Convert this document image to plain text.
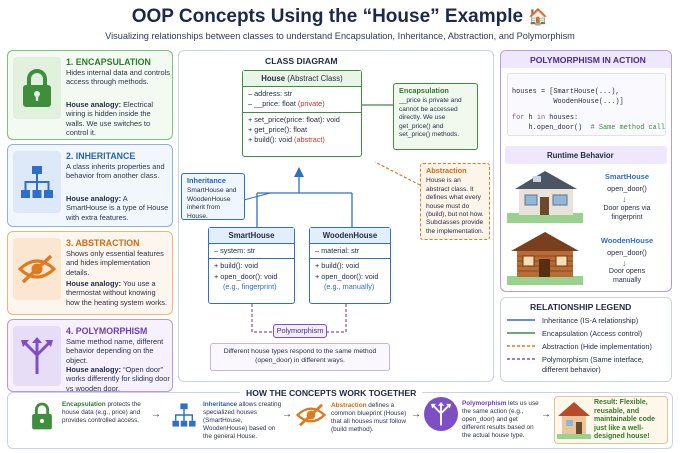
OOP Concepts Using the “House” Example 🏠
Visualizing relationships between classes to understand Encapsulation, Inheritance, Abstraction, and Polymorphism
1. ENCAPSULATION
Hides internal data and controls access through methods.
House analogy: Electrical wiring is hidden inside the walls. We use switches to control it.
2. INHERITANCE
A class inherits properties and behavior from another class.
House analogy: A SmartHouse is a type of House with extra features.
3. ABSTRACTION
Shows only essential features and hides implementation details.
House analogy: You use a thermostat without knowing how the heating system works.
4. POLYMORPHISM
Same method name, different behavior depending on the object.
House analogy: “Open door” works differently for sliding door vs wooden door.
CLASS DIAGRAM
House (Abstract Class)
– address: str
– __price: float (private)
+ set_price(price: float): void
+ get_price(): float
+ build(): void (abstract)
SmartHouse
– system: str
+ build(): void
+ open_door(): void
(e.g., fingerprint)
WoodenHouse
– material: str
+ build(): void
+ open_door(): void
(e.g., manually)
Encapsulation
__price is private and cannot be accessed directly. We use get_price() and set_price() methods.
Inheritance
SmartHouse and WoodenHouse inherit from House.
Abstraction
House is an abstract class. It defines what every house must do (build), but not how. Subclasses provide the implementation.
Polymorphism
Different house types respond to the same method (open_door) in different ways.
POLYMORPHISM IN ACTION

houses = [SmartHouse(...),
WoodenHouse(...)]
for h in houses:
h.open_door()  # Same method call

Runtime Behavior
SmartHouse
open_door()
↓
Door opens via fingerprint
WoodenHouse
open_door()
↓
Door opens manually
RELATIONSHIP LEGEND
Inheritance (IS-A relationship)
Encapsulation (Access control)
Abstraction (Hide implementation)
Polymorphism (Same interface, different behavior)
HOW THE CONCEPTS WORK TOGETHER
Encapsulation protects the house data (e.g., price) and provides controlled access.
→
Inheritance allows creating specialized houses (SmartHouse, WoodenHouse) based on the general House.
→
Abstraction defines a common blueprint (House) that all houses must follow (build method).
→
Polymorphism lets us use the same action (e.g., open_door) and get different results based on the actual house type.
→
Result: Flexible, reusable, and maintainable code just like a well-designed house!
